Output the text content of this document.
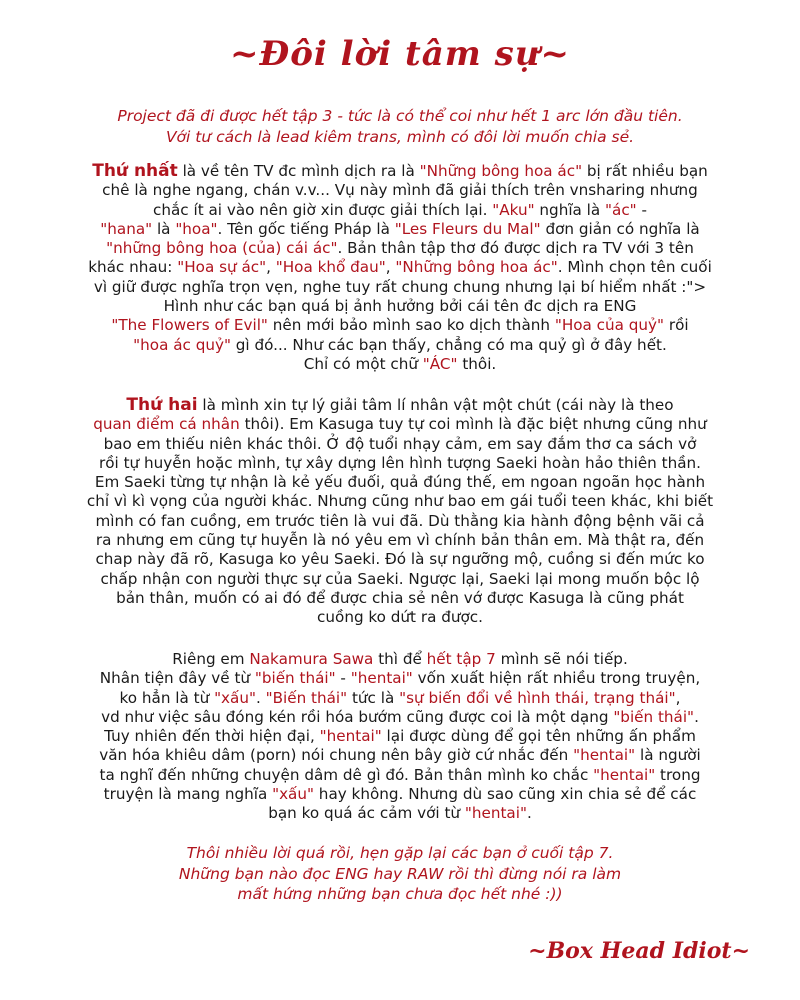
~Đôi lời tâm sự~
Project đã đi được hết tập 3 - tức là có thể coi như hết 1 arc lớn đầu tiên.
Với tư cách là lead kiêm trans, mình có đôi lời muốn chia sẻ.
Thứ nhất là về tên TV đc mình dịch ra là "Những bông hoa ác" bị rất nhiều bạn
chê là nghe ngang, chán v.v... Vụ này mình đã giải thích trên vnsharing nhưng
chắc ít ai vào nên giờ xin được giải thích lại. "Aku" nghĩa là "ác" -
"hana" là "hoa". Tên gốc tiếng Pháp là "Les Fleurs du Mal" đơn giản có nghĩa là
"những bông hoa (của) cái ác". Bản thân tập thơ đó được dịch ra TV với 3 tên
khác nhau: "Hoa sự ác", "Hoa khổ đau", "Những bông hoa ác". Mình chọn tên cuối
vì giữ được nghĩa trọn vẹn, nghe tuy rất chung chung nhưng lại bí hiểm nhất :">
Hình như các bạn quá bị ảnh hưởng bởi cái tên đc dịch ra ENG
"The Flowers of Evil" nên mới bảo mình sao ko dịch thành "Hoa của quỷ" rồi
"hoa ác quỷ" gì đó... Như các bạn thấy, chẳng có ma quỷ gì ở đây hết.
Chỉ có một chữ "ÁC" thôi.
Thứ hai là mình xin tự lý giải tâm lí nhân vật một chút (cái này là theo
quan điểm cá nhân thôi). Em Kasuga tuy tự coi mình là đặc biệt nhưng cũng như
bao em thiếu niên khác thôi. Ở độ tuổi nhạy cảm, em say đắm thơ ca sách vở
rồi tự huyễn hoặc mình, tự xây dựng lên hình tượng Saeki hoàn hảo thiên thần.
Em Saeki từng tự nhận là kẻ yếu đuối, quả đúng thế, em ngoan ngoãn học hành
chỉ vì kì vọng của người khác. Nhưng cũng như bao em gái tuổi teen khác, khi biết
mình có fan cuồng, em trước tiên là vui đã. Dù thằng kia hành động bệnh vãi cả
ra nhưng em cũng tự huyễn là nó yêu em vì chính bản thân em. Mà thật ra, đến
chap này đã rõ, Kasuga ko yêu Saeki. Đó là sự ngưỡng mộ, cuồng si đến mức ko
chấp nhận con người thực sự của Saeki. Ngược lại, Saeki lại mong muốn bộc lộ
bản thân, muốn có ai đó để được chia sẻ nên vớ được Kasuga là cũng phát
cuồng ko dứt ra được.
Riêng em Nakamura Sawa thì để hết tập 7 mình sẽ nói tiếp.
Nhân tiện đây về từ "biến thái" - "hentai" vốn xuất hiện rất nhiều trong truyện,
ko hẳn là từ "xấu". "Biến thái" tức là "sự biến đổi về hình thái, trạng thái",
vd như việc sâu đóng kén rồi hóa bướm cũng được coi là một dạng "biến thái".
Tuy nhiên đến thời hiện đại, "hentai" lại được dùng để gọi tên những ấn phẩm
văn hóa khiêu dâm (porn) nói chung nên bây giờ cứ nhắc đến "hentai" là người
ta nghĩ đến những chuyện dâm dê gì đó. Bản thân mình ko chắc "hentai" trong
truyện là mang nghĩa "xấu" hay không. Nhưng dù sao cũng xin chia sẻ để các
bạn ko quá ác cảm với từ "hentai".
Thôi nhiều lời quá rồi, hẹn gặp lại các bạn ở cuối tập 7.
Những bạn nào đọc ENG hay RAW rồi thì đừng nói ra làm
mất hứng những bạn chưa đọc hết nhé :))
~Box Head Idiot~
